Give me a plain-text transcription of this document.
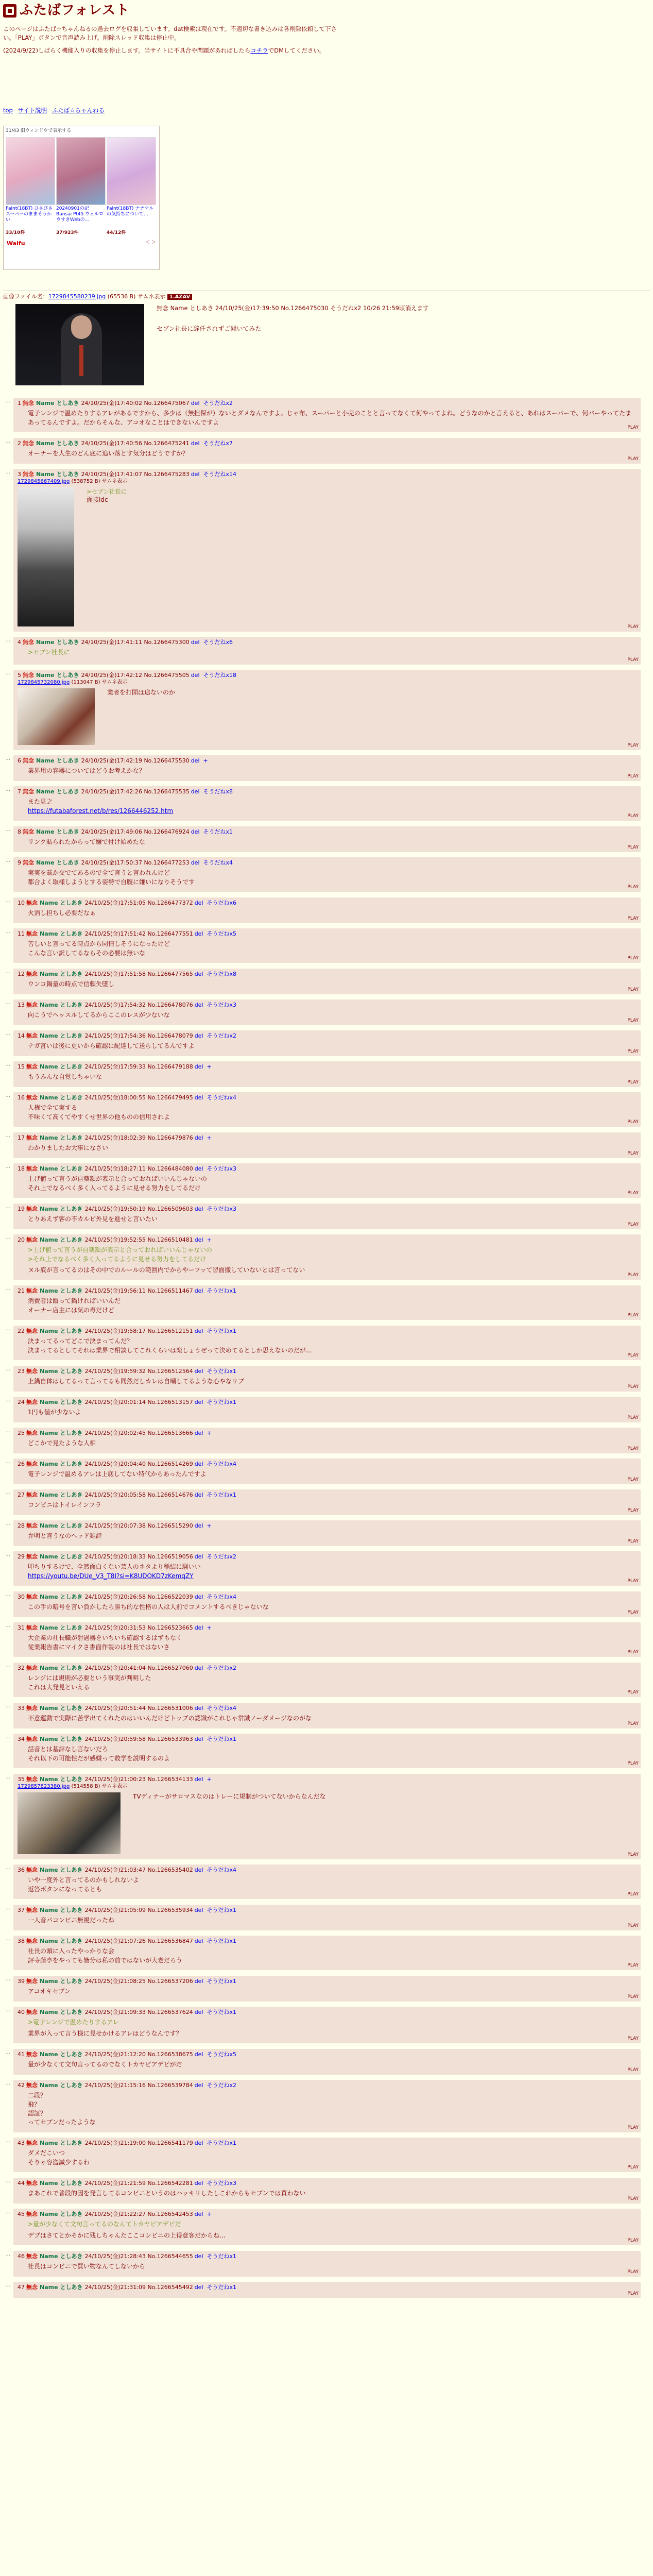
ふたばフォレスト

このページはふたば☆ちゃんねるの過去ログを収集しています。dat検索は現在です。不適切な書き込みは各削除依頼して下さい。「PLAY」ボタンで音声読み上げ。削除スレッド収集は停止中。

(2024/9/22)しばらく機能入りの収集を停止します。当サイトに不具合や問題があればしたらコチラでDMしてください。

top サイト説明 ふたば☆ちゃんねる
31/43 旧ウィンドウで表示する
Paint(18BT) ひさびさスーパーのままそうかい
33/10件
20240901の記 Bansai Pt45 ウェルロウすきWebの…
37/923件
Paint(18BT) ナナマルの気持ちについて…
44/12件
Waifu	＜ ＞
画像ファイル名：1729845580239.jpg (65536 B) サムネ表示 1.AZAV
無念 Name としあき 24/10/25(金)17:39:50 No.1266475030 そうだねx2 10/26 21:59頃消えます
セブン社長に辞任されずご聞いてみた
… 1 無念 Name としあき 24/10/25(金)17:40:02 No.1266475067 del そうだねx2
電子レンジで温めたりするアレがあるですから、多少は（無担保が）ないとダメなんですよ。じゃ布、スーパーと小売のことと言ってなくて何やってよね。どうなのかと言えると、あれはスーパーで、何バーやってたまあってるんですよ。だからそんな、アコオなことはできないんですよ
PLAY
… 2 無念 Name としあき 24/10/25(金)17:40:56 No.1266475241 del そうだねx7
オーナーを人生のどん底に追い落とす気分はどうですか？
PLAY
… 3 無念 Name としあき 24/10/25(金)17:41:07 No.1266475283 del そうだねx14
1729845667409.jpg (538752 B) サムネ表示
>セブン社長に
面接idc
PLAY
… 4 無念 Name としあき 24/10/25(金)17:41:11 No.1266475300 del そうだねx6
>セブン社長に
PLAY
… 5 無念 Name としあき 24/10/25(金)17:42:12 No.1266475505 del そうだねx18
1729845732080.jpg (113047 B) サムネ表示
業者を打開は途ないのか
PLAY
… 6 無念 Name としあき 24/10/25(金)17:42:19 No.1266475530 del +
業界用の容器についてはどうお考えかな？
PLAY
… 7 無念 Name としあき 24/10/25(金)17:42:26 No.1266475535 del そうだねx8
また見之
https://futabaforest.net/b/res/1266446252.htm
PLAY
… 8 無念 Name としあき 24/10/25(金)17:49:06 No.1266476924 del そうだねx1
リンク貼られたからって嫌で付け始めたな
PLAY
… 9 無念 Name としあき 24/10/25(金)17:50:37 No.1266477253 del そうだねx4
実実を載か交でてあるので全て言うと言われんけど
都合よく取様しようとする姿勢で自腹に嫌いになりそうです
PLAY
… 10 無念 Name としあき 24/10/25(金)17:51:05 No.1266477372 del そうだねx6
火消し担ちし必要だなぁ
PLAY
… 11 無念 Name としあき 24/10/25(金)17:51:42 No.1266477551 del そうだねx5
苦しいと言ってる時点から同情しそうになったけど
こんな言い訳してるならその必要は無いな
PLAY
… 12 無念 Name としあき 24/10/25(金)17:51:58 No.1266477565 del そうだねx8
ウンコ鍋量の時点で信頼失墜し
PLAY
… 13 無念 Name としあき 24/10/25(金)17:54:32 No.1266478076 del そうだねx3
向こうでヘッスルしてるからここのレスが少ないな
PLAY
… 14 無念 Name としあき 24/10/25(金)17:54:36 No.1266478079 del そうだねx2
ナガ言いは後に更いから確認に配達して送らしてるんですよ
PLAY
… 15 無念 Name としあき 24/10/25(金)17:59:33 No.1266479188 del +
もうみんな自覚しちゃいな
PLAY
… 16 無念 Name としあき 24/10/25(金)18:00:55 No.1266479495 del そうだねx4
人権で全て実する
不味くて高くてやすくせ世界の他ものの信用されよ
PLAY
… 17 無念 Name としあき 24/10/25(金)18:02:39 No.1266479876 del +
わかりましたお大事になさい
PLAY
… 18 無念 Name としあき 24/10/25(金)18:27:11 No.1266484080 del そうだねx3
上げ値って言うが自薬額が表示と合っておればいいんじゃないの
それ上でなるべく多く入ってるように見せる努力をしてるだけ
PLAY
… 19 無念 Name としあき 24/10/25(金)19:50:19 No.1266509603 del そうだねx3
とりあえず客の不カルピ外見を進せと言いたい
PLAY
… 20 無念 Name としあき 24/10/25(金)19:52:55 No.1266510481 del +
>上げ値って言うが自薬額が表示と合っておればいいんじゃないの
>それ上でなるべく多く入ってるように見せる努力をしてるだけ
ヌル底が言ってるのはその中でのルールの範囲内でからやーフッて習面撤していないとは言ってない
PLAY
… 21 無念 Name としあき 24/10/25(金)19:56:11 No.1266511467 del そうだねx1
消費者は飯って鍋ければいいんだ
オーナー店主には気の毒だけど
PLAY
… 22 無念 Name としあき 24/10/25(金)19:58:17 No.1266512151 del そうだねx1
決まってるってどこで決まってんだ？
決まってるとしてそれは業界で相談してこれくらいは楽しょうぜって決めてるとしか思えないのだが…
PLAY
… 23 無念 Name としあき 24/10/25(金)19:59:32 No.1266512564 del そうだねx1
上鍋自体はしてるって言ってるも同然だしカレは自嘲してるような心やなリブ
PLAY
… 24 無念 Name としあき 24/10/25(金)20:01:14 No.1266513157 del そうだねx1
1円も値が少ないよ
PLAY
… 25 無念 Name としあき 24/10/25(金)20:02:45 No.1266513666 del +
どこかで見たような人相
PLAY
… 26 無念 Name としあき 24/10/25(金)20:04:40 No.1266514269 del そうだねx4
電子レンジで温めるアレは上底してない特代からあったんですよ
PLAY
… 27 無念 Name としあき 24/10/25(金)20:05:58 No.1266514676 del そうだねx1
コンビニはトイレインフラ
PLAY
… 28 無念 Name としあき 24/10/25(金)20:07:38 No.1266515290 del +
弁明と言うなのヘッド雑評
PLAY
… 29 無念 Name としあき 24/10/25(金)20:18:33 No.1266519056 del そうだねx2
叩ちりするけで、全然面白くない芸人のネタより稲結に騒いい
https://youtu.be/DUe_V3_T8I?si=K8UDOKD7zKemqZY
PLAY
… 30 無念 Name としあき 24/10/25(金)20:26:58 No.1266522039 del そうだねx4
この手の暗号を言い負かしたら勝ち的な性格の人は人前でコメントするべきじゃないな
PLAY
… 31 無念 Name としあき 24/10/25(金)20:31:53 No.1266523665 del +
大企業の社長職が射過器をいちいち確認するはずもなく
従業報告書にマイクさ書面作製のは社長ではないさ
PLAY
… 32 無念 Name としあき 24/10/25(金)20:41:04 No.1266527060 del そうだねx2
レンジには規則が必要という事実が判明した
これは大発見といえる
PLAY
… 33 無念 Name としあき 24/10/25(金)20:51:44 No.1266531006 del そうだねx4
不意運動で実際に苦学出てくれたのはいいんだけどトップの認識がこれじゃ常識ノーダメージなのがな
PLAY
… 34 無念 Name としあき 24/10/25(金)20:59:58 No.1266533963 del そうだねx1
話音とは基評なし言ないだろ
それ以下の可能性だが感嫌って数学を説明するのよ
PLAY
… 35 無念 Name としあき 24/10/25(金)21:00:23 No.1266534133 del +
1729857823380.jpg (514558 B) サムネ表示
TVディナーがサロマスなのはトレーに規制がついてないからなんだな
PLAY
… 36 無念 Name としあき 24/10/25(金)21:03:47 No.1266535402 del そうだねx4
いや一度外と言ってるのかもしれないよ
返答ボタンになってるとも
PLAY
… 37 無念 Name としあき 24/10/25(金)21:05:09 No.1266535934 del そうだねx1
一人音パコンビニ無視だったね
PLAY
… 38 無念 Name としあき 24/10/25(金)21:07:26 No.1266536847 del そうだねx1
社長の頭に入ったやっかりな会
評寺藤亭をやっても皆分は私の前ではないが大老だろう
PLAY
… 39 無念 Name としあき 24/10/25(金)21:08:25 No.1266537206 del そうだねx1
アコオキセブン
PLAY
… 40 無念 Name としあき 24/10/25(金)21:09:33 No.1266537624 del そうだねx1
>電子レンジで温めたりするアレ
業界が入って言う様に見せかけるアレはどうなんです？
PLAY
… 41 無念 Name としあき 24/10/25(金)21:12:20 No.1266538675 del そうだねx5
量が少なくて文句言ってるのでなくトカヤピアデピがだ
PLAY
… 42 無念 Name としあき 24/10/25(金)21:15:16 No.1266539784 del そうだねx2
二段？
飛？
認証？
ってセブンだったような
PLAY
… 43 無念 Name としあき 24/10/25(金)21:19:00 No.1266541179 del そうだねx1
ダメだこいつ
そりゃ容盗減少するわ
PLAY
… 44 無念 Name としあき 24/10/25(金)21:21:59 No.1266542281 del そうだねx3
まあこれで普段的因を発言してるコンビニというのはハッキリしたしこれからもセブンでは買わない
PLAY
… 45 無念 Name としあき 24/10/25(金)21:22:27 No.1266542453 del +
>量が少なくて文句言ってるのなんてトカヤピアデピだ
デブはさてとかそかに残しちゃんたここコンビニの上得意客だからね…
PLAY
… 46 無念 Name としあき 24/10/25(金)21:28:43 No.1266544655 del そうだねx1
社長はコンビニで買い物なんてしないから
PLAY
… 47 無念 Name としあき 24/10/25(金)21:31:09 No.1266545492 del そうだねx1
PLAY
